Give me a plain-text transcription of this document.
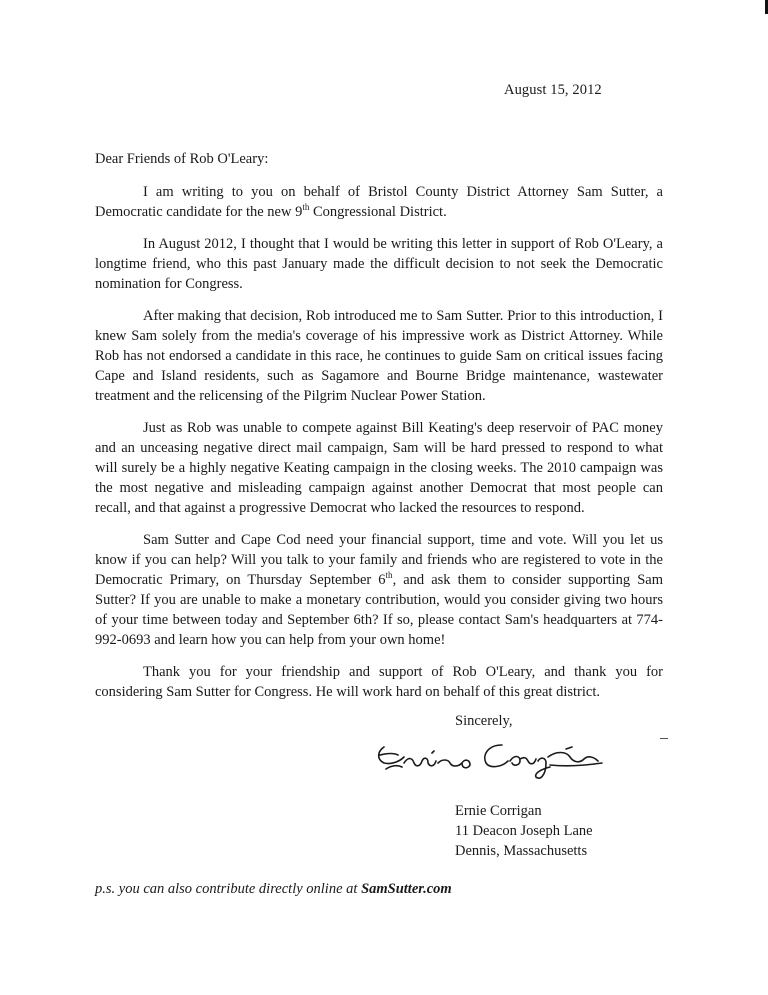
August 15, 2012
Dear Friends of Rob O'Leary:

I am writing to you on behalf of Bristol County District Attorney Sam Sutter, a Democratic candidate for the new 9th Congressional District.

In August 2012, I thought that I would be writing this letter in support of Rob O'Leary, a longtime friend, who this past January made the difficult decision to not seek the Democratic nomination for Congress.

After making that decision, Rob introduced me to Sam Sutter. Prior to this introduction, I knew Sam solely from the media's coverage of his impressive work as District Attorney. While Rob has not endorsed a candidate in this race, he continues to guide Sam on critical issues facing Cape and Island residents, such as Sagamore and Bourne Bridge maintenance, wastewater treatment and the relicensing of the Pilgrim Nuclear Power Station.

Just as Rob was unable to compete against Bill Keating's deep reservoir of PAC money and an unceasing negative direct mail campaign, Sam will be hard pressed to respond to what will surely be a highly negative Keating campaign in the closing weeks. The 2010 campaign was the most negative and misleading campaign against another Democrat that most people can recall, and that against a progressive Democrat who lacked the resources to respond.

Sam Sutter and Cape Cod need your financial support, time and vote. Will you let us know if you can help? Will you talk to your family and friends who are registered to vote in the Democratic Primary, on Thursday September 6th, and ask them to consider supporting Sam Sutter? If you are unable to make a monetary contribution, would you consider giving two hours of your time between today and September 6th? If so, please contact Sam's headquarters at 774-992-0693 and learn how you can help from your own home!

Thank you for your friendship and support of Rob O'Leary, and thank you for considering Sam Sutter for Congress. He will work hard on behalf of this great district.

Sincerely,
Ernie Corrigan
11 Deacon Joseph Lane
Dennis, Massachusetts
p.s. you can also contribute directly online at SamSutter.com
